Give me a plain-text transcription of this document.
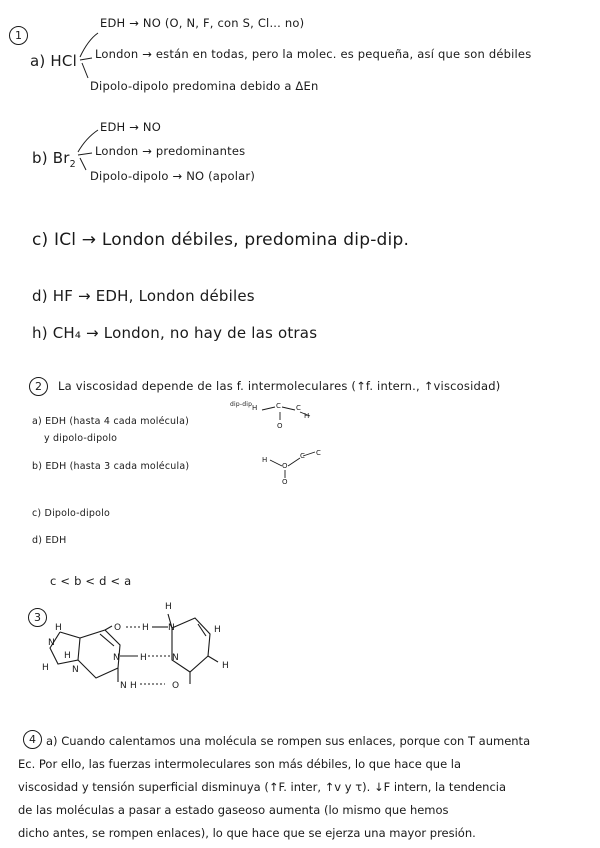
1
a) HCl
EDH → NO (O, N, F, con S, Cl... no)
London → están en todas, pero la molec. es pequeña, así que son débiles
Dipolo-dipolo predomina debido a ΔEn
b) $Br_2$
EDH → NO
London → predominantes
Dipolo-dipolo → NO (apolar)
c) ICl → London débiles, predomina dip-dip.
d) HF → EDH, London débiles
h) CH₄ → London, no hay de las otras
2	La viscosidad depende de las f. intermoleculares (↑f. intern., ↑viscosidad)
a) EDH (hasta 4 cada molécula)
y dipolo-dipolo
b) EDH (hasta 3 cada molécula)
c) Dipolo-dipolo
d) EDH
c < b < d < a
dip-dip H	C C
H
O
H
O
C C
O
3
H
H
N
N
H
O H N
N H	N
H
N	O
H
H
H
4 a) Cuando calentamos una molécula se rompen sus enlaces, porque con T aumenta
Ec. Por ello, las fuerzas intermoleculares son más débiles, lo que hace que la
viscosidad y tensión superficial disminuya (↑F. inter, ↑v y τ). ↓F intern, la tendencia
de las moléculas a pasar a estado gaseoso aumenta (lo mismo que hemos
dicho antes, se rompen enlaces), lo que hace que se ejerza una mayor presión.
